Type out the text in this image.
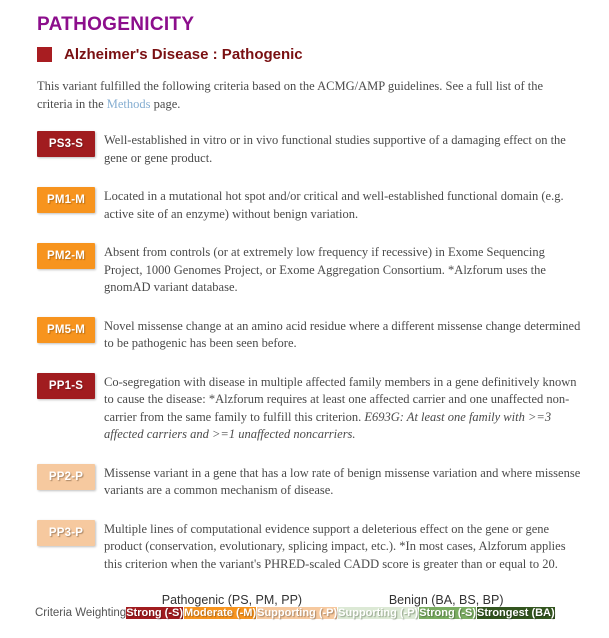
PATHOGENICITY
Alzheimer's Disease : Pathogenic

This variant fulfilled the following criteria based on the ACMG/AMP guidelines. See a full list of the criteria in the Methods page.

PS3-S	Well-established in vitro or in vivo functional studies supportive of a damaging effect on the gene or gene product.

PM1-M	Located in a mutational hot spot and/or critical and well-established functional domain (e.g. active site of an enzyme) without benign variation.

PM2-M	Absent from controls (or at extremely low frequency if recessive) in Exome Sequencing Project, 1000 Genomes Project, or Exome Aggregation Consortium. *Alzforum uses the gnomAD variant database.

PM5-M	Novel missense change at an amino acid residue where a different missense change determined to be pathogenic has been seen before.

PP1-S	Co-segregation with disease in multiple affected family members in a gene definitively known to cause the disease: *Alzforum requires at least one affected carrier and one unaffected non-carrier from the same family to fulfill this criterion. E693G: At least one family with >=3 affected carriers and >=1 unaffected noncarriers.

PP2-P	Missense variant in a gene that has a low rate of benign missense variation and where missense variants are a common mechanism of disease.

PP3-P	Multiple lines of computational evidence support a deleterious effect on the gene or gene product (conservation, evolutionary, splicing impact, etc.). *In most cases, Alzforum applies this criterion when the variant's PHRED-scaled CADD score is greater than or equal to 20.

	Pathogenic (PS, PM, PP)			Benign (BA, BS, BP)		
Criteria Weighting	Strong (-S)	Moderate (-M)	Supporting (-P)	Supporting (-P)	Strong (-S)	Strongest (BA)
